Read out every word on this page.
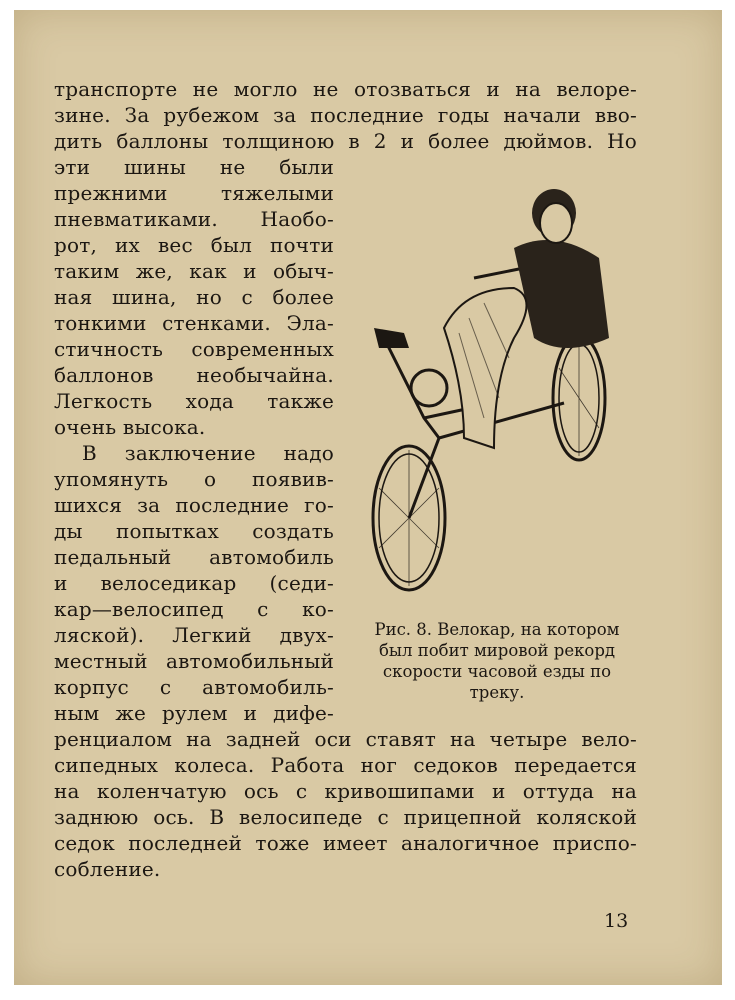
транспорте не могло не отозваться и на велоре-
зине. За рубежом за последние годы начали вво-
дить баллоны толщиною в 2 и более дюймов. Но
эти шины не были
прежними тяжелыми
пневматиками. Наобо-
рот, их вес был почти
таким же, как и обыч-
ная шина, но с более
тонкими стенками. Эла-
стичность современных
баллонов необычайна.
Легкость хода также
очень высока.
В заключение надо
упомянуть о появив-
шихся за последние го-
ды попытках создать
педальный автомобиль
и велоседикар (седи-
кар—велосипед с ко-
ляской). Легкий двух-
местный автомобильный
корпус с автомобиль-
ным же рулем и дифе-
Рис. 8. Велокар, на котором
был побит мировой рекорд
скорости часовой езды по
треку.
ренциалом на задней оси ставят на четыре вело-
сипедных колеса. Работа ног седоков передается
на коленчатую ось с кривошипами и оттуда на
заднюю ось. В велосипеде с прицепной коляской
седок последней тоже имеет аналогичное приспо-
собление.
13
